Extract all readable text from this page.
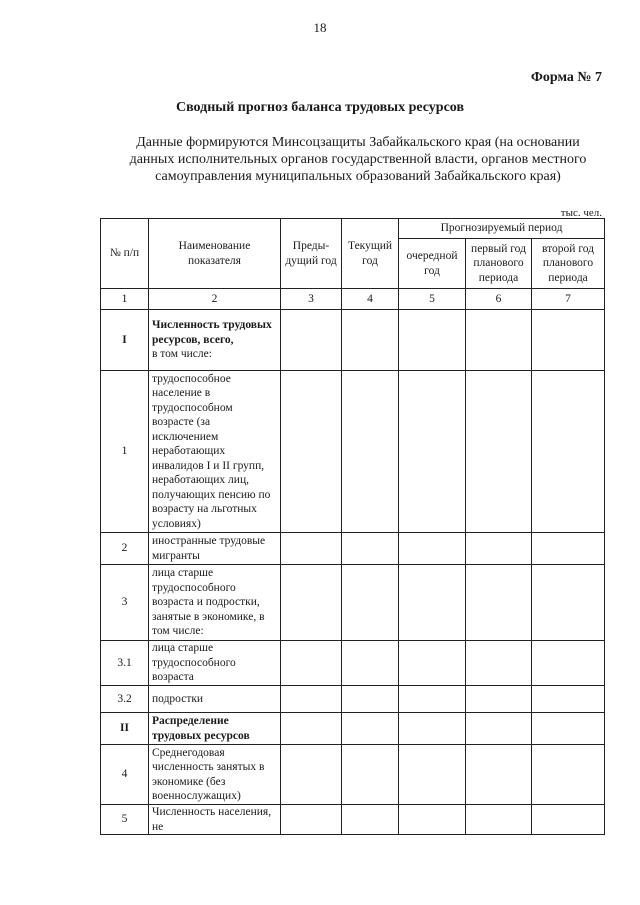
18
Форма № 7
Сводный прогноз баланса трудовых ресурсов
Данные формируются Минсоцзащиты Забайкальского края (на основании данных исполнительных органов государственной власти, органов местного самоуправления муниципальных образований Забайкальского края)
тыс. чел.
№ п/п	Наименование показателя	Преды-дущий год	Текущий год	Прогнозируемый период		
				очередной год	первый год планового периода	второй год планового периода
1	2	3	4	5	6	7
I	Численность трудовых ресурсов, всего,
в том числе:					
1	трудоспособное население в трудоспособном возрасте (за исключением неработающих инвалидов I и II групп, неработающих лиц, получающих пенсию по возрасту на льготных условиях)					
2	иностранные трудовые мигранты					
3	лица старше трудоспособного возраста и подростки, занятые в экономике, в том числе:					
3.1	лица старше трудоспособного возраста					
3.2	подростки					
II	Распределение трудовых ресурсов					
4	Среднегодовая численность занятых в экономике (без военнослужащих)					
5	Численность населения, не					
